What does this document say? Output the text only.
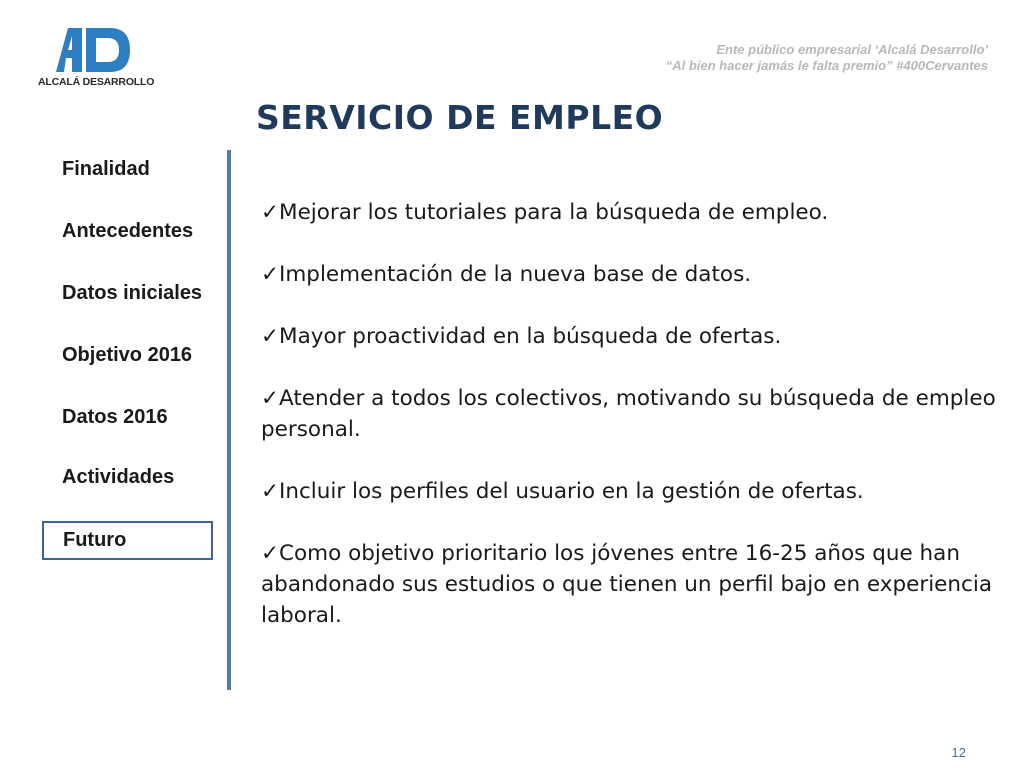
ALCALÁ DESARROLLO
Ente público empresarial ‘Alcalá Desarrollo’
“Al bien hacer jamás le falta premio” #400Cervantes
SERVICIO DE EMPLEO
Finalidad
Antecedentes
Datos iniciales
Objetivo 2016
Datos 2016
Actividades
Futuro
✓Mejorar los tutoriales para la búsqueda de empleo.
✓Implementación de la nueva base de datos.
✓Mayor proactividad en la búsqueda de ofertas.
✓Atender a todos los colectivos, motivando su búsqueda de empleo personal.
✓Incluir los perfiles del usuario en la gestión de ofertas.
✓Como objetivo prioritario los jóvenes entre 16-25 años que han abandonado sus estudios o que tienen un perfil bajo en experiencia laboral.
12
